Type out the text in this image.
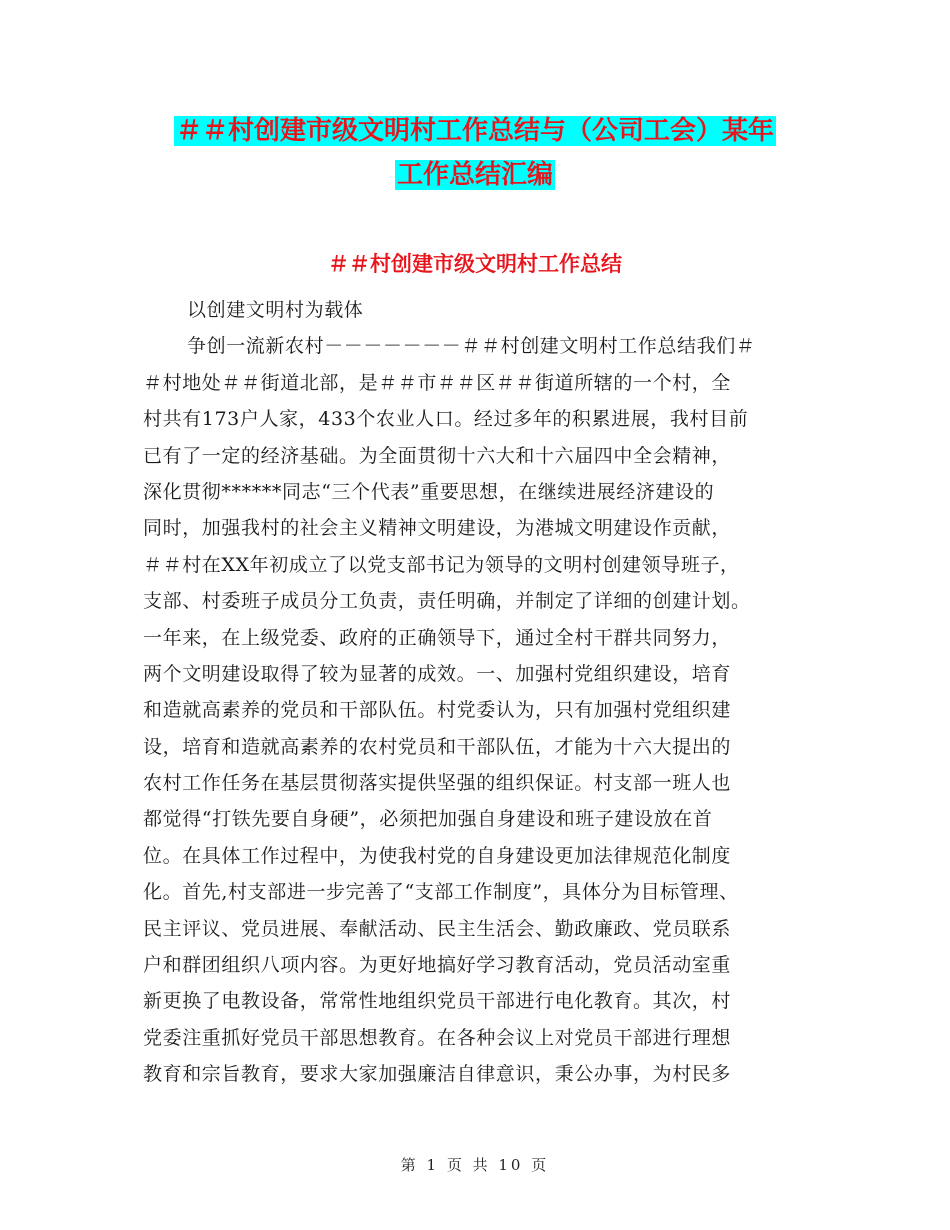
＃＃村创建市级文明村工作总结与（公司工会）某年
工作总结汇编
＃＃村创建市级文明村工作总结
以创建文明村为载体
争创一流新农村－－－－－－－＃＃村创建文明村工作总结我们＃
＃村地处＃＃街道北部，是＃＃市＃＃区＃＃街道所辖的一个村，全
村共有173户人家，433个农业人口。经过多年的积累进展，我村目前
已有了一定的经济基础。为全面贯彻十六大和十六届四中全会精神，
深化贯彻******同志“三个代表”重要思想，在继续进展经济建设的
同时，加强我村的社会主义精神文明建设，为港城文明建设作贡献，
＃＃村在XX年初成立了以党支部书记为领导的文明村创建领导班子，
支部、村委班子成员分工负责，责任明确，并制定了详细的创建计划。
一年来，在上级党委、政府的正确领导下，通过全村干群共同努力，
两个文明建设取得了较为显著的成效。一、加强村党组织建设，培育
和造就高素养的党员和干部队伍。村党委认为，只有加强村党组织建
设，培育和造就高素养的农村党员和干部队伍，才能为十六大提出的
农村工作任务在基层贯彻落实提供坚强的组织保证。村支部一班人也
都觉得“打铁先要自身硬”，必须把加强自身建设和班子建设放在首
位。在具体工作过程中，为使我村党的自身建设更加法律规范化制度
化。首先,村支部进一步完善了“支部工作制度”，具体分为目标管理、
民主评议、党员进展、奉献活动、民主生活会、勤政廉政、党员联系
户和群团组织八项内容。为更好地搞好学习教育活动，党员活动室重
新更换了电教设备，常常性地组织党员干部进行电化教育。其次，村
党委注重抓好党员干部思想教育。在各种会议上对党员干部进行理想
教育和宗旨教育，要求大家加强廉洁自律意识，秉公办事，为村民多
第 1 页 共 10 页
